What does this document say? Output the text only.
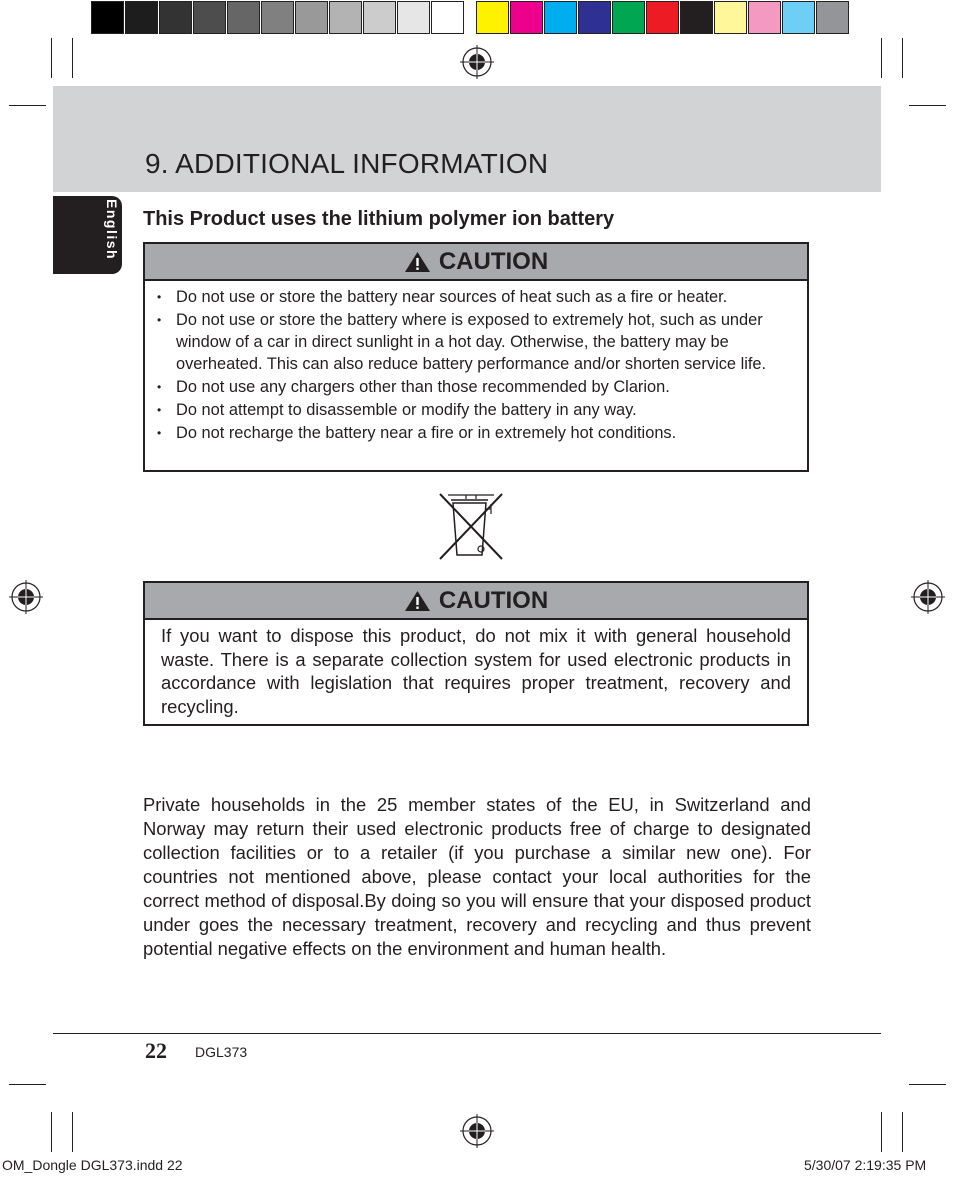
9. ADDITIONAL INFORMATION
English This Product uses the lithium polymer ion battery
CAUTION
• Do not use or store the battery near sources of heat such as a fire or heater.
• Do not use or store the battery where is exposed to extremely hot, such as under window of a car in direct sunlight in a hot day. Otherwise, the battery may be overheated. This can also reduce battery performance and/or shorten service life.
• Do not use any chargers other than those recommended by Clarion.
• Do not attempt to disassemble or modify the battery in any way.
• Do not recharge the battery near a fire or in extremely hot conditions.
CAUTION
If you want to dispose this product, do not mix it with general household waste. There is a separate collection system for used electronic products in accordance with legislation that requires proper treatment, recovery and recycling.
Private households in the 25 member states of the EU, in Switzerland and Norway may return their used electronic products free of charge to designated collection facilities or to a retailer (if you purchase a similar new one). For countries not mentioned above, please contact your local authorities for the correct method of disposal.By doing so you will ensure that your disposed product under goes the necessary treatment, recovery and recycling and thus prevent potential negative effects on the environment and human health.
22 DGL373
OM_Dongle DGL373.indd 22	5/30/07 2:19:35 PM
